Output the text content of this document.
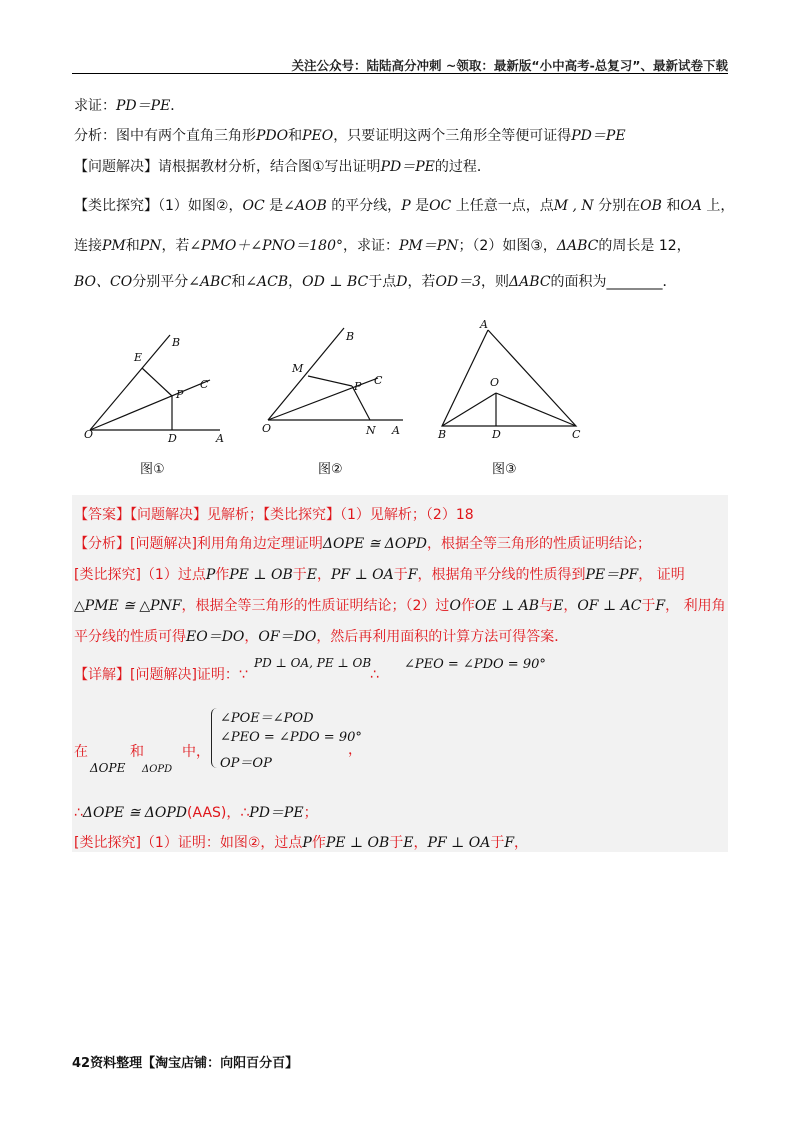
关注公众号：陆陆高分冲刺 ~领取：最新版“小中高考-总复习”、最新试卷下载
求证：PD＝PE．
分析：图中有两个直角三角形PDO和PEO，只要证明这两个三角形全等便可证得PD＝PE
【问题解决】请根据教材分析，结合图①写出证明PD＝PE的过程．
【类比探究】（1）如图②，OC 是∠AOB 的平分线，P 是OC 上任意一点，点M , N 分别在OB 和OA 上，
连接PM和PN，若∠PMO＋∠PNO＝180°，求证：PM＝PN；（2）如图③，ΔABC的周长是 12，
BO、CO分别平分∠ABC和∠ACB，OD ⊥ BC于点D，若OD＝3，则ΔABC的面积为________．
E
B
P
C
O	D	A
图①
B
M
P C
O	N A
图②
A
O
B	D	C
图③
【答案】【问题解决】见解析；【类比探究】（1）见解析；（2）18
【分析】[问题解决]利用角角边定理证明ΔOPE ≅ ΔOPD，根据全等三角形的性质证明结论；
[类比探究]（1）过点P作PE ⊥ OB于E，PF ⊥ OA于F，根据角平分线的性质得到PE＝PF， 证明
△PME ≅ △PNF，根据全等三角形的性质证明结论；（2）过O作OE ⊥ AB与E，OF ⊥ AC于F， 利用角
平分线的性质可得EO＝DO，OF＝DO，然后再利用面积的计算方法可得答案．
【详解】[问题解决]证明：∵
PD ⊥ OA, PE ⊥ OB
∴
∠PEO = ∠PDO = 90°
在	和	中，
ΔOPE ΔOPD
，
∠POE＝∠POD
∠PEO = ∠PDO = 90°
OP＝OP
∴ΔOPE ≅ ΔOPD(AAS)，∴PD＝PE；
[类比探究]（1）证明：如图②，过点P作PE ⊥ OB于E，PF ⊥ OA于F，
42资料整理【淘宝店铺：向阳百分百】
